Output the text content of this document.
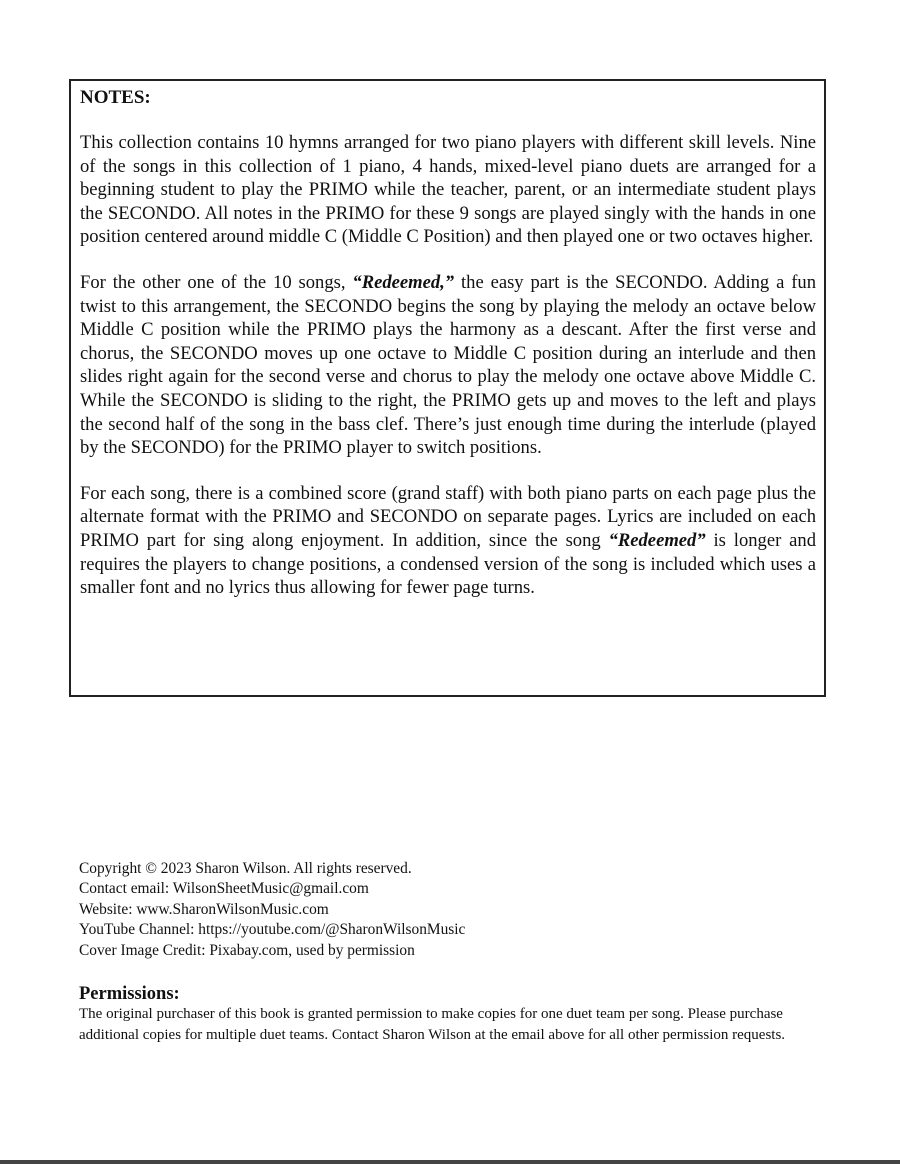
NOTES:

This collection contains 10 hymns arranged for two piano players with different skill levels. Nine of the songs in this collection of 1 piano, 4 hands, mixed-level piano duets are arranged for a beginning student to play the PRIMO while the teacher, parent, or an intermediate student plays the SECONDO. All notes in the PRIMO for these 9 songs are played singly with the hands in one position centered around middle C (Middle C Position) and then played one or two octaves higher.

For the other one of the 10 songs, “Redeemed,” the easy part is the SECONDO. Adding a fun twist to this arrangement, the SECONDO begins the song by playing the melody an octave below Middle C position while the PRIMO plays the harmony as a descant. After the first verse and chorus, the SECONDO moves up one octave to Middle C position during an interlude and then slides right again for the second verse and chorus to play the melody one octave above Middle C. While the SECONDO is sliding to the right, the PRIMO gets up and moves to the left and plays the second half of the song in the bass clef. There’s just enough time during the interlude (played by the SECONDO) for the PRIMO player to switch positions.

For each song, there is a combined score (grand staff) with both piano parts on each page plus the alternate format with the PRIMO and SECONDO on separate pages. Lyrics are included on each PRIMO part for sing along enjoyment. In addition, since the song “Redeemed” is longer and requires the players to change positions, a condensed version of the song is included which uses a smaller font and no lyrics thus allowing for fewer page turns.

Copyright © 2023 Sharon Wilson. All rights reserved.
Contact email: WilsonSheetMusic@gmail.com
Website: www.SharonWilsonMusic.com
YouTube Channel: https://youtube.com/@SharonWilsonMusic
Cover Image Credit: Pixabay.com, used by permission
Permissions:

The original purchaser of this book is granted permission to make copies for one duet team per song. Please purchase additional copies for multiple duet teams. Contact Sharon Wilson at the email above for all other permission requests.
